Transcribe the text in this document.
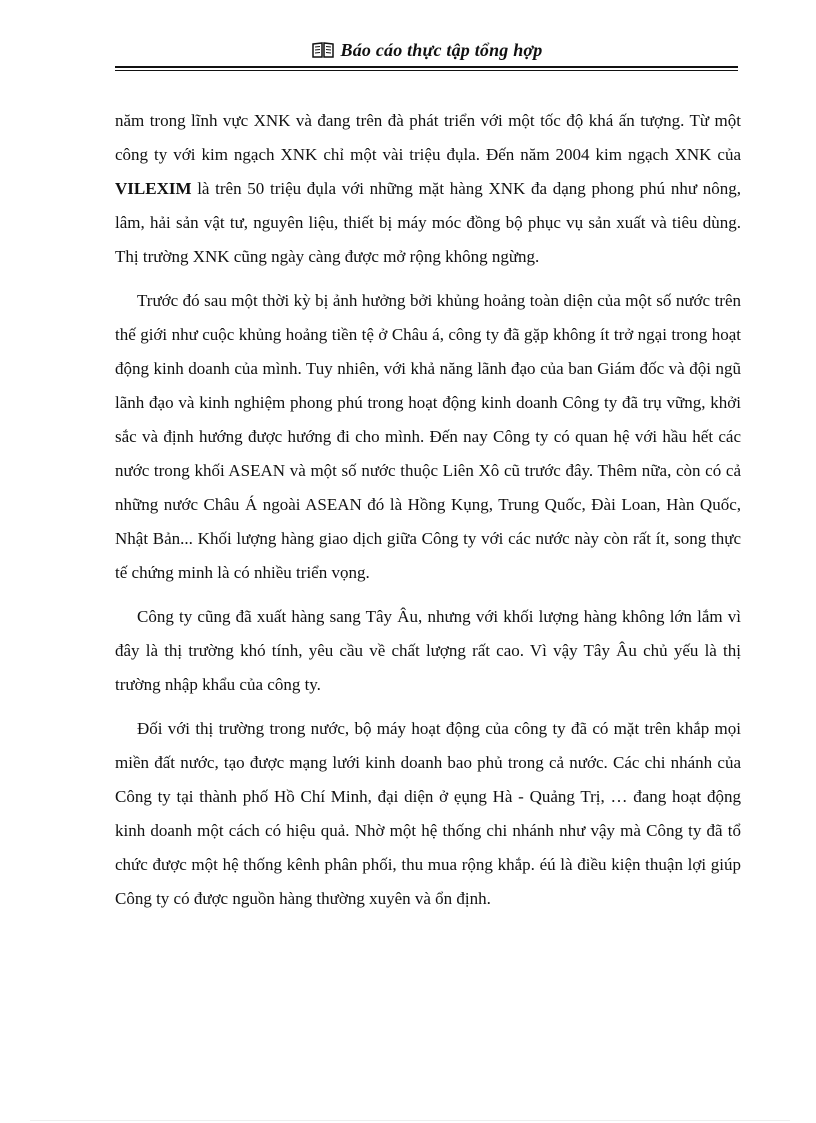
Báo cáo thực tập tổng hợp

năm trong lĩnh vực XNK và đang trên đà phát triển với một tốc độ khá ấn tượng. Từ một công ty với kim ngạch XNK chỉ một vài triệu đụla. Đến năm 2004 kim ngạch XNK của VILEXIM là trên 50 triệu đụla với những mặt hàng XNK đa dạng phong phú như nông, lâm, hải sản vật tư, nguyên liệu, thiết bị máy móc đồng bộ phục vụ sản xuất và tiêu dùng. Thị trường XNK cũng ngày càng được mở rộng không ngừng.

Trước đó sau một thời kỳ bị ảnh hưởng bởi khủng hoảng toàn diện của một số nước trên thế giới như cuộc khủng hoảng tiền tệ ở Châu á, công ty đã gặp không ít trở ngại trong hoạt động kinh doanh của mình. Tuy nhiên, với khả năng lãnh đạo của ban Giám đốc và đội ngũ lãnh đạo và kinh nghiệm phong phú trong hoạt động kinh doanh Công ty đã trụ vững, khởi sắc và định hướng được hướng đi cho mình. Đến nay Công ty có quan hệ với hầu hết các nước trong khối ASEAN và một số nước thuộc Liên Xô cũ trước đây. Thêm nữa, còn có cả những nước Châu Á ngoài ASEAN đó là Hồng Kụng, Trung Quốc, Đài Loan, Hàn Quốc, Nhật Bản... Khối lượng hàng giao dịch giữa Công ty với các nước này còn rất ít, song thực tế chứng minh là có nhiều triển vọng.

Công ty cũng đã xuất hàng sang Tây Âu, nhưng với khối lượng hàng không lớn lắm vì đây là thị trường khó tính, yêu cầu về chất lượng rất cao. Vì vậy Tây Âu chủ yếu là thị trường nhập khẩu của công ty.

Đối với thị trường trong nước, bộ máy hoạt động của công ty đã có mặt trên khắp mọi miền đất nước, tạo được mạng lưới kinh doanh bao phủ trong cả nước. Các chi nhánh của Công ty tại thành phố Hồ Chí Minh, đại diện ở ẹụng Hà - Quảng Trị, … đang hoạt động kinh doanh một cách có hiệu quả. Nhờ một hệ thống chi nhánh như vậy mà Công ty đã tổ chức được một hệ thống kênh phân phối, thu mua rộng khắp. éú là điều kiện thuận lợi giúp Công ty có được nguồn hàng thường xuyên và ổn định.
